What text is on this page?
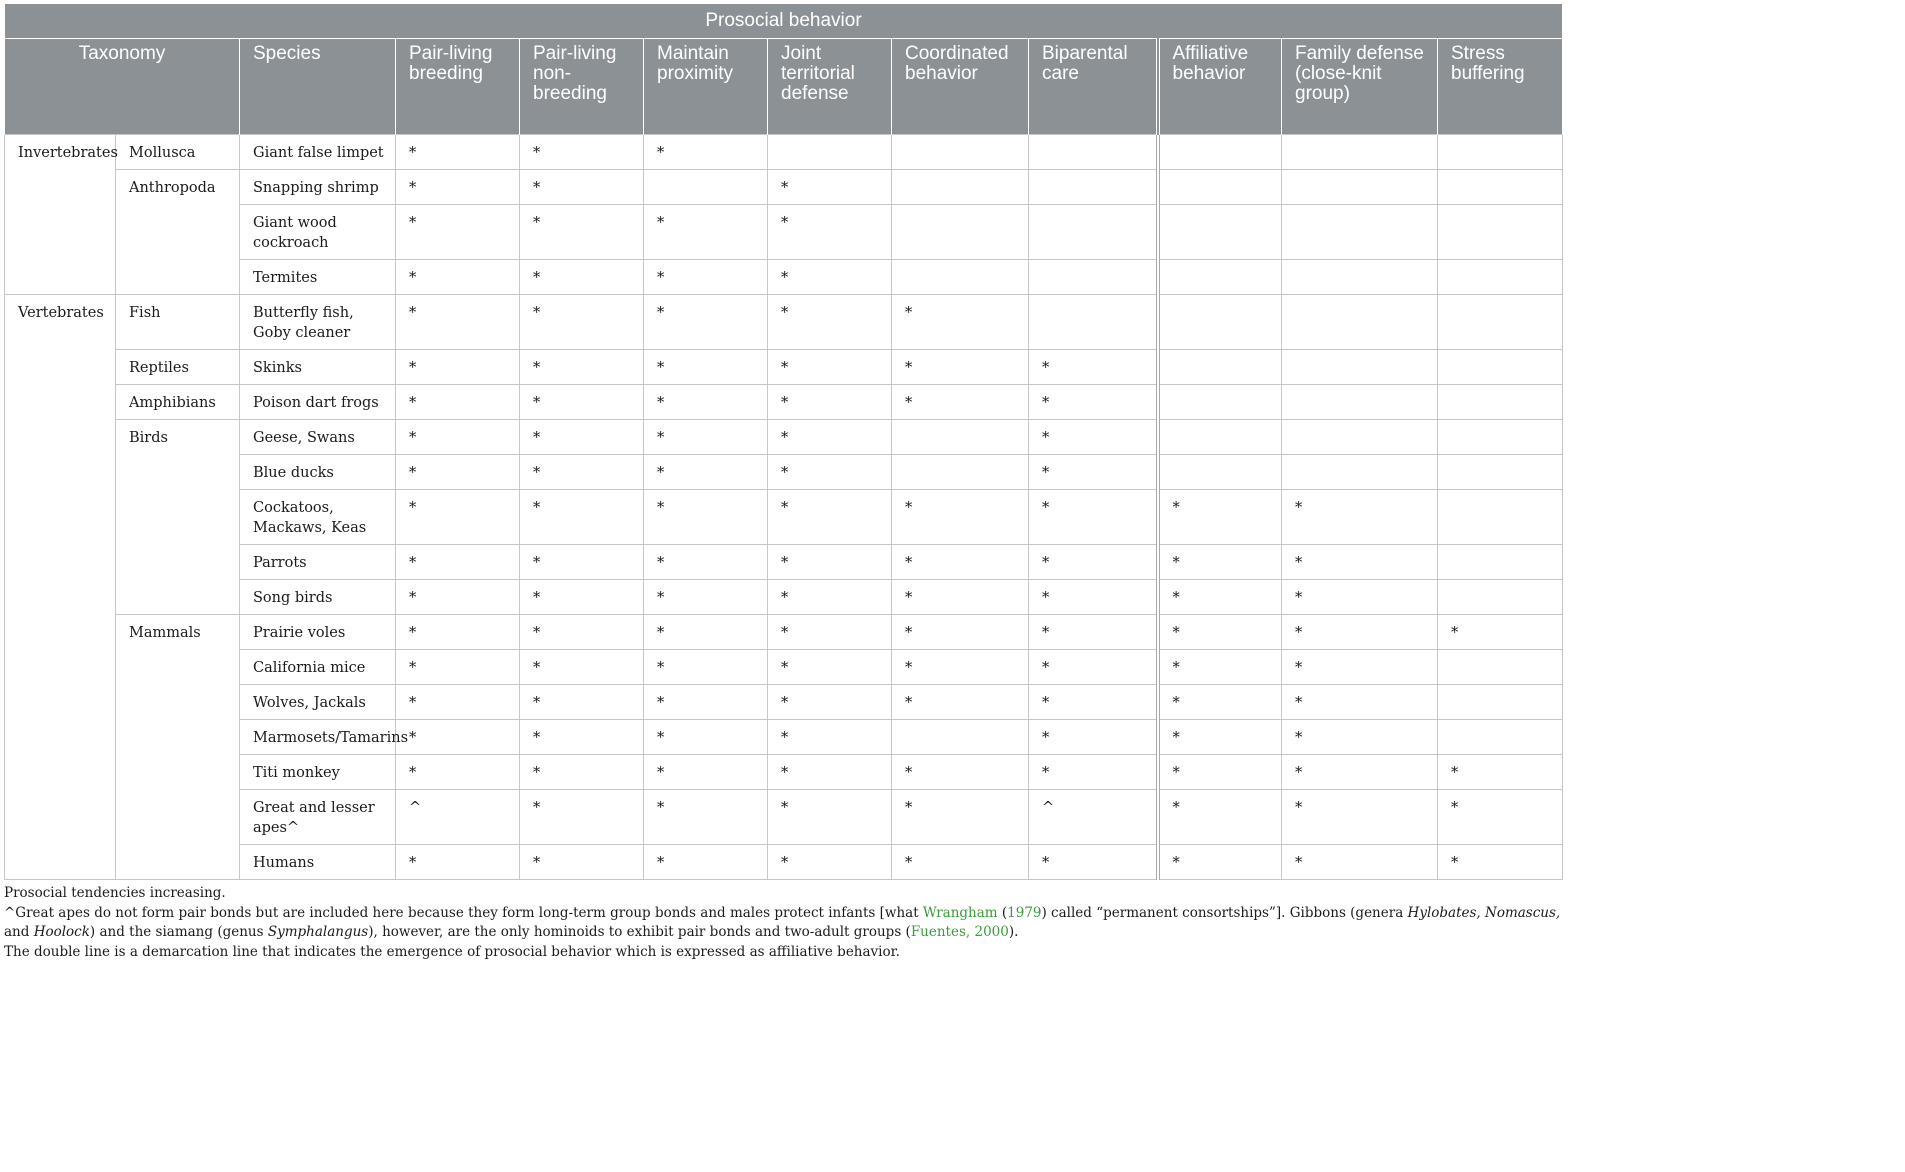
Prosocial behavior											

Taxonomy		Species	Pair-living breeding	Pair-living non-breeding	Maintain proximity	Joint territorial defense	Coordinated behavior	Biparental care	Affiliative behavior	Family defense (close-knit group)	Stress buffering

Invertebrates	Mollusca	Giant false limpet	*	*	*						
	Anthropoda	Snapping shrimp	*	*		*					
		Giant wood cockroach	*	*	*	*					
		Termites	*	*	*	*					
Vertebrates	Fish	Butterfly fish, Goby cleaner	*	*	*	*	*				
	Reptiles	Skinks	*	*	*	*	*	*			
	Amphibians	Poison dart frogs	*	*	*	*	*	*			
	Birds	Geese, Swans	*	*	*	*		*			
		Blue ducks	*	*	*	*		*			
		Cockatoos, Mackaws, Keas	*	*	*	*	*	*	*	*	
		Parrots	*	*	*	*	*	*	*	*	
		Song birds	*	*	*	*	*	*	*	*	
	Mammals	Prairie voles	*	*	*	*	*	*	*	*	*
		California mice	*	*	*	*	*	*	*	*	
		Wolves, Jackals	*	*	*	*	*	*	*	*	
		Marmosets/Tamarins	*	*	*	*		*	*	*	
		Titi monkey	*	*	*	*	*	*	*	*	*
		Great and lesser apes^	^	*	*	*	*	^	*	*	*
		Humans	*	*	*	*	*	*	*	*	*

Prosocial tendencies increasing.

^Great apes do not form pair bonds but are included here because they form long-term group bonds and males protect infants [what Wrangham (1979) called “permanent consortships”]. Gibbons (genera Hylobates, Nomascus, and Hoolock) and the siamang (genus Symphalangus), however, are the only hominoids to exhibit pair bonds and two-adult groups (Fuentes, 2000).

The double line is a demarcation line that indicates the emergence of prosocial behavior which is expressed as affiliative behavior.
